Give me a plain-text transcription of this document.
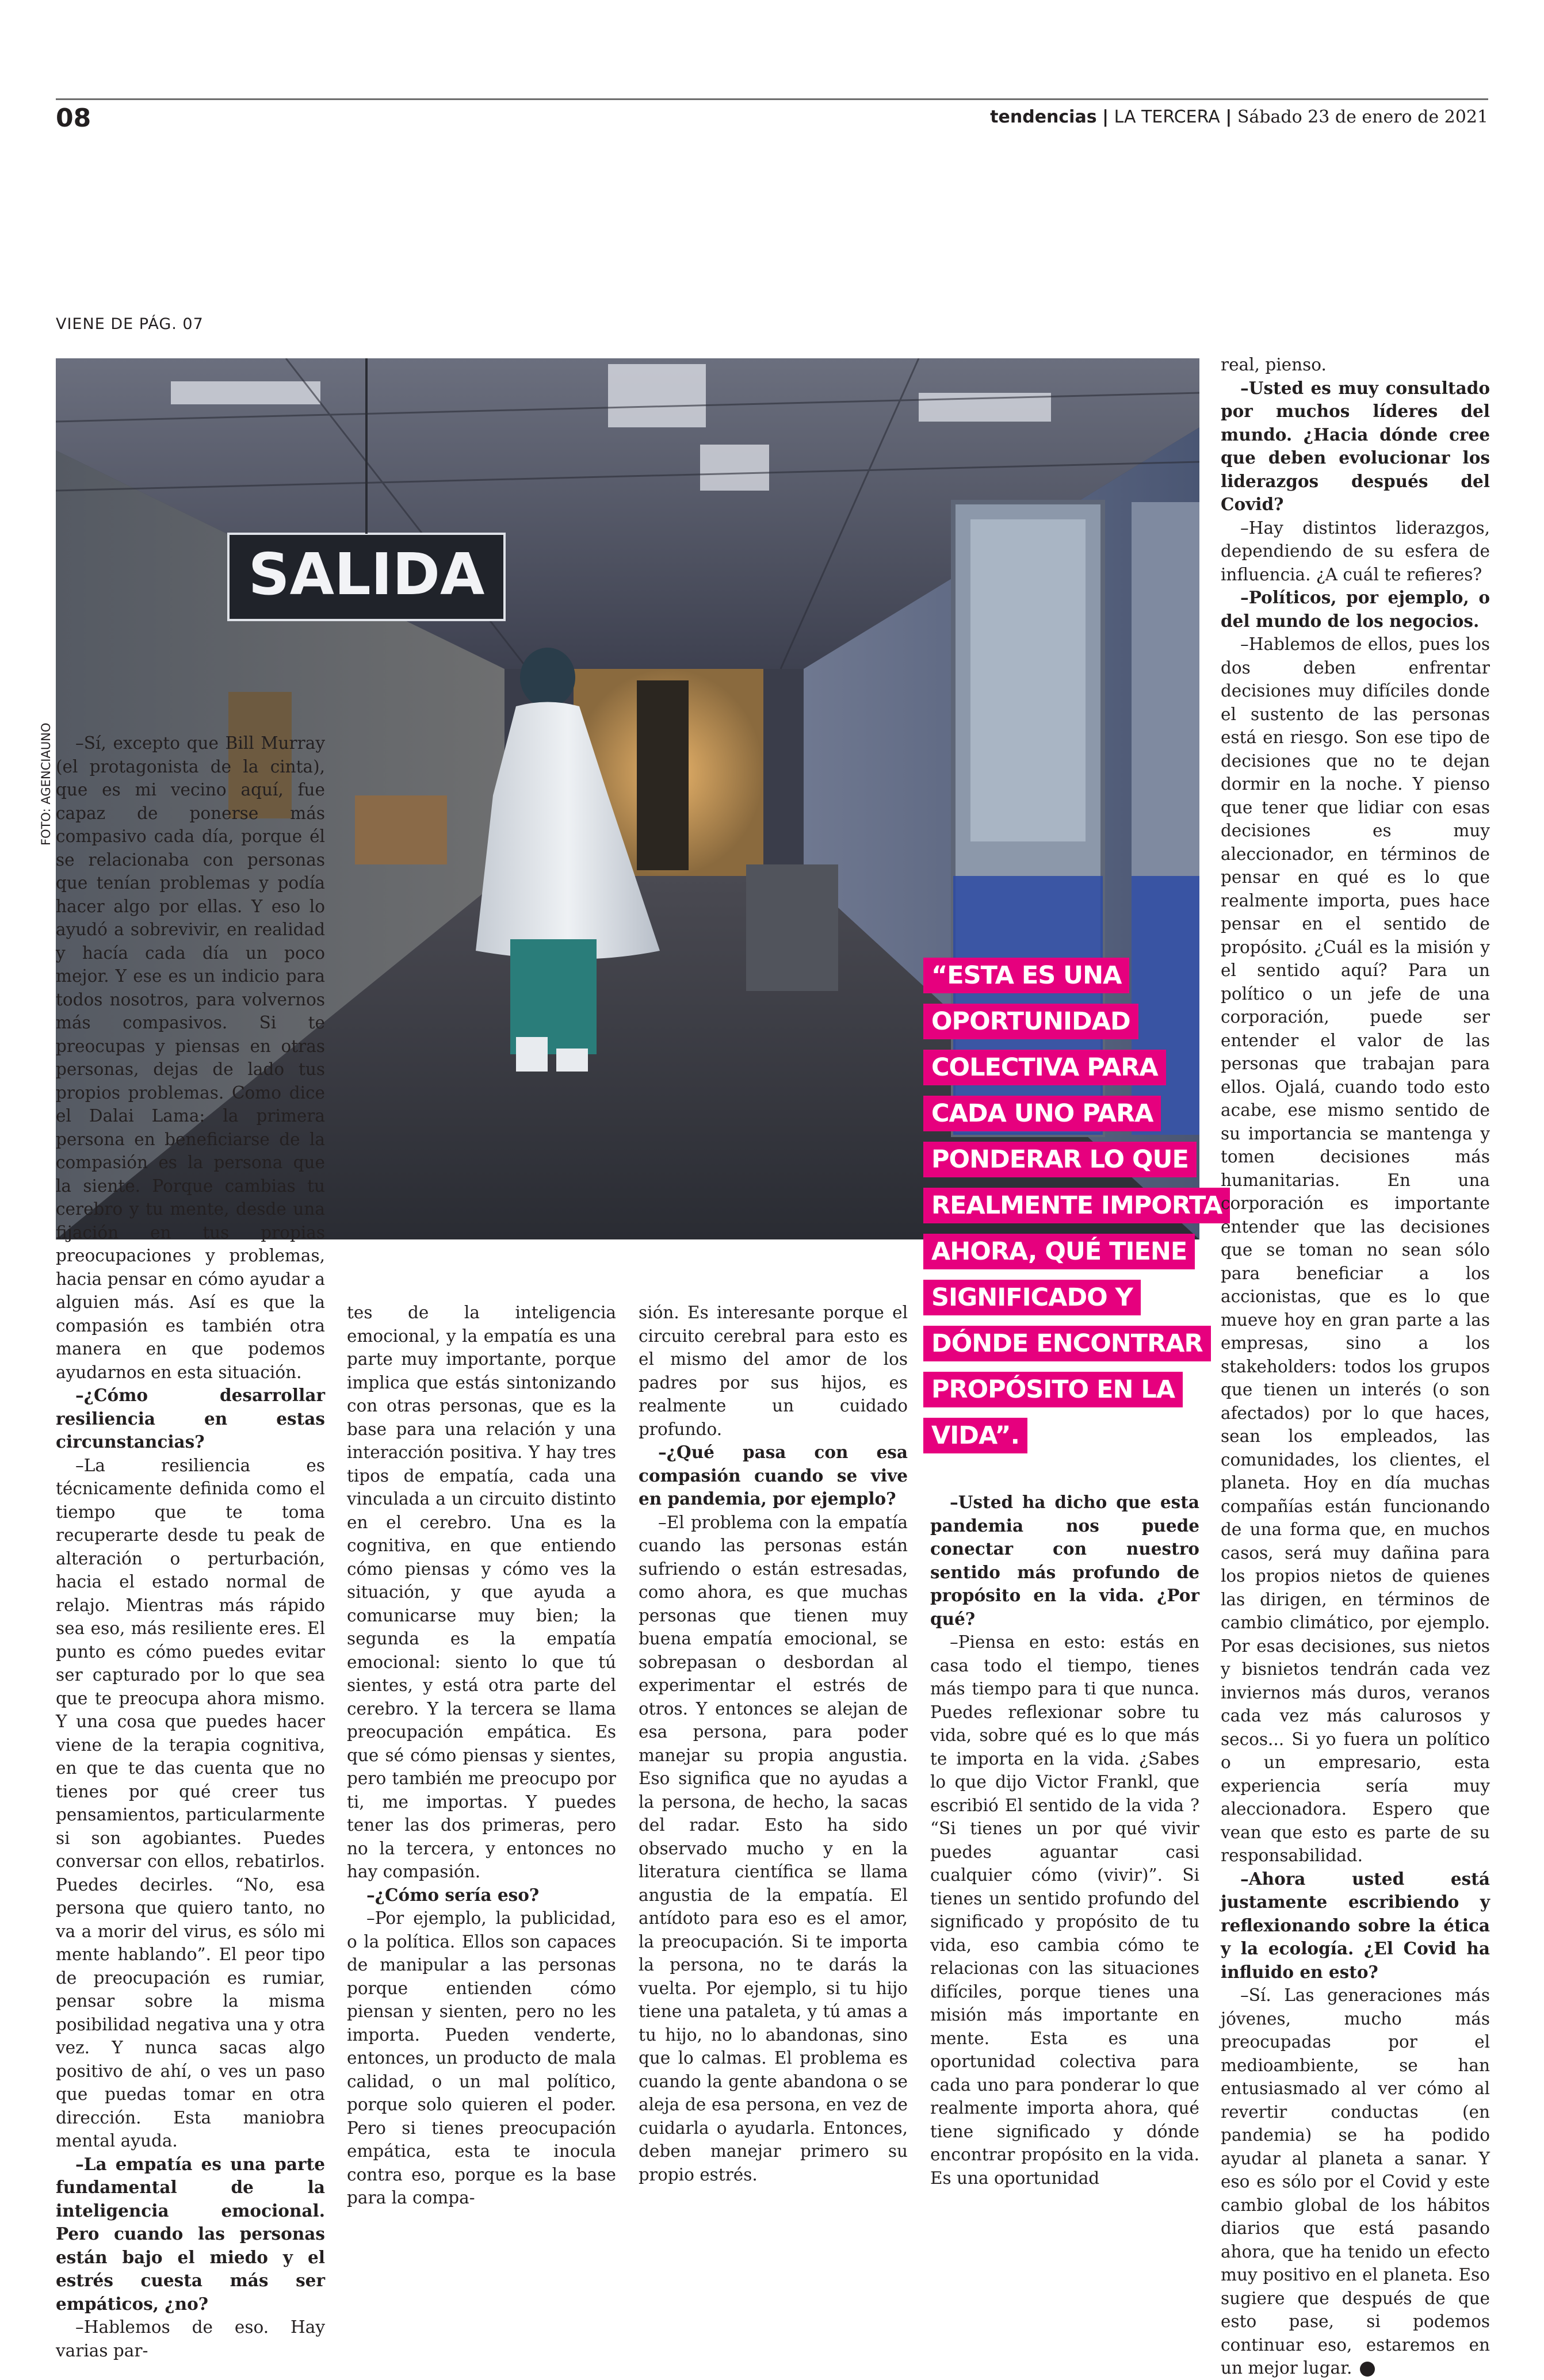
08	tendencias | LA TERCERA | Sábado 23 de enero de 2021
VIENE DE PÁG. 07
FOTO: AGENCIAUNO
SALIDA
“ESTA ES UNA
OPORTUNIDAD
COLECTIVA PARA
CADA UNO PARA
PONDERAR LO QUE
REALMENTE IMPORTA
AHORA, QUÉ TIENE
SIGNIFICADO Y
DÓNDE ENCONTRAR
PROPÓSITO EN LA
VIDA”.

–Sí, excepto que Bill Murray (el protagonista de la cinta), que es mi vecino aquí, fue capaz de ponerse más compasivo cada día, porque él se relacionaba con personas que tenían problemas y podía hacer algo por ellas. Y eso lo ayudó a sobrevivir, en realidad y hacía cada día un poco mejor. Y ese es un indicio para todos nosotros, para volvernos más compasivos. Si te preocupas y piensas en otras personas, dejas de lado tus propios problemas. Como dice el Dalai Lama: la primera persona en beneficiarse de la compasión es la persona que la siente. Porque cambias tu cerebro y tu mente, desde una fijación en tus propias preocupaciones y problemas, hacia pensar en cómo ayudar a alguien más. Así es que la compasión es también otra manera en que podemos ayudarnos en esta situación.

–¿Cómo desarrollar resiliencia en estas circunstancias?

–La resiliencia es técnicamente definida como el tiempo que te toma recuperarte desde tu peak de alteración o perturbación, hacia el estado normal de relajo. Mientras más rápido sea eso, más resiliente eres. El punto es cómo puedes evitar ser capturado por lo que sea que te preocupa ahora mismo. Y una cosa que puedes hacer viene de la terapia cognitiva, en que te das cuenta que no tienes por qué creer tus pensamientos, particularmente si son agobiantes. Puedes conversar con ellos, rebatirlos. Puedes decirles. “No, esa persona que quiero tanto, no va a morir del virus, es sólo mi mente hablando”. El peor tipo de preocupación es rumiar, pensar sobre la misma posibilidad negativa una y otra vez. Y nunca sacas algo positivo de ahí, o ves un paso que puedas tomar en otra dirección. Esta maniobra mental ayuda.

–La empatía es una parte fundamental de la inteligencia emocional. Pero cuando las personas están bajo el miedo y el estrés cuesta más ser empáticos, ¿no?

–Hablemos de eso. Hay varias par-

tes de la inteligencia emocional, y la empatía es una parte muy importante, porque implica que estás sintonizando con otras personas, que es la base para una relación y una interacción positiva. Y hay tres tipos de empatía, cada una vinculada a un circuito distinto en el cerebro. Una es la cognitiva, en que entiendo cómo piensas y cómo ves la situación, y que ayuda a comunicarse muy bien; la segunda es la empatía emocional: siento lo que tú sientes, y está otra parte del cerebro. Y la tercera se llama preocupación empática. Es que sé cómo piensas y sientes, pero también me preocupo por ti, me importas. Y puedes tener las dos primeras, pero no la tercera, y entonces no hay compasión.

–¿Cómo sería eso?

–Por ejemplo, la publicidad, o la política. Ellos son capaces de manipular a las personas porque entienden cómo piensan y sienten, pero no les importa. Pueden venderte, entonces, un producto de mala calidad, o un mal político, porque solo quieren el poder. Pero si tienes preocupación empática, esta te inocula contra eso, porque es la base para la compa-

sión. Es interesante porque el circuito cerebral para esto es el mismo del amor de los padres por sus hijos, es realmente un cuidado profundo.

–¿Qué pasa con esa compasión cuando se vive en pandemia, por ejemplo?

–El problema con la empatía cuando las personas están sufriendo o están estresadas, como ahora, es que muchas personas que tienen muy buena empatía emocional, se sobrepasan o desbordan al experimentar el estrés de otros. Y entonces se alejan de esa persona, para poder manejar su propia angustia. Eso significa que no ayudas a la persona, de hecho, la sacas del radar. Esto ha sido observado mucho y en la literatura científica se llama angustia de la empatía. El antídoto para eso es el amor, la preocupación. Si te importa la persona, no te darás la vuelta. Por ejemplo, si tu hijo tiene una pataleta, y tú amas a tu hijo, no lo abandonas, sino que lo calmas. El problema es cuando la gente abandona o se aleja de esa persona, en vez de cuidarla o ayudarla. Entonces, deben manejar primero su propio estrés.

–Usted ha dicho que esta pandemia nos puede conectar con nuestro sentido más profundo de propósito en la vida. ¿Por qué?

–Piensa en esto: estás en casa todo el tiempo, tienes más tiempo para ti que nunca. Puedes reflexionar sobre tu vida, sobre qué es lo que más te importa en la vida. ¿Sabes lo que dijo Victor Frankl, que escribió El sentido de la vida ? “Si tienes un por qué vivir puedes aguantar casi cualquier cómo (vivir)”. Si tienes un sentido profundo del significado y propósito de tu vida, eso cambia cómo te relacionas con las situaciones difíciles, porque tienes una misión más importante en mente. Esta es una oportunidad colectiva para cada uno para ponderar lo que realmente importa ahora, qué tiene significado y dónde encontrar propósito en la vida. Es una oportunidad

real, pienso.

–Usted es muy consultado por muchos líderes del mundo. ¿Hacia dónde cree que deben evolucionar los liderazgos después del Covid?

–Hay distintos liderazgos, dependiendo de su esfera de influencia. ¿A cuál te refieres?

–Políticos, por ejemplo, o del mundo de los negocios.

–Hablemos de ellos, pues los dos deben enfrentar decisiones muy difíciles donde el sustento de las personas está en riesgo. Son ese tipo de decisiones que no te dejan dormir en la noche. Y pienso que tener que lidiar con esas decisiones es muy aleccionador, en términos de pensar en qué es lo que realmente importa, pues hace pensar en el sentido de propósito. ¿Cuál es la misión y el sentido aquí? Para un político o un jefe de una corporación, puede ser entender el valor de las personas que trabajan para ellos. Ojalá, cuando todo esto acabe, ese mismo sentido de su importancia se mantenga y tomen decisiones más humanitarias. En una corporación es importante entender que las decisiones que se toman no sean sólo para beneficiar a los accionistas, que es lo que mueve hoy en gran parte a las empresas, sino a los stakeholders: todos los grupos que tienen un interés (o son afectados) por lo que haces, sean los empleados, las comunidades, los clientes, el planeta. Hoy en día muchas compañías están funcionando de una forma que, en muchos casos, será muy dañina para los propios nietos de quienes las dirigen, en términos de cambio climático, por ejemplo. Por esas decisiones, sus nietos y bisnietos tendrán cada vez inviernos más duros, veranos cada vez más calurosos y secos... Si yo fuera un político o un empresario, esta experiencia sería muy aleccionadora. Espero que vean que esto es parte de su responsabilidad.

–Ahora usted está justamente escribiendo y reflexionando sobre la ética y la ecología. ¿El Covid ha influido en esto?

–Sí. Las generaciones más jóvenes, mucho más preocupadas por el medioambiente, se han entusiasmado al ver cómo al revertir conductas (en pandemia) se ha podido ayudar al planeta a sanar. Y eso es sólo por el Covid y este cambio global de los hábitos diarios que está pasando ahora, que ha tenido un efecto muy positivo en el planeta. Eso sugiere que después de que esto pase, si podemos continuar eso, estaremos en un mejor lugar.
